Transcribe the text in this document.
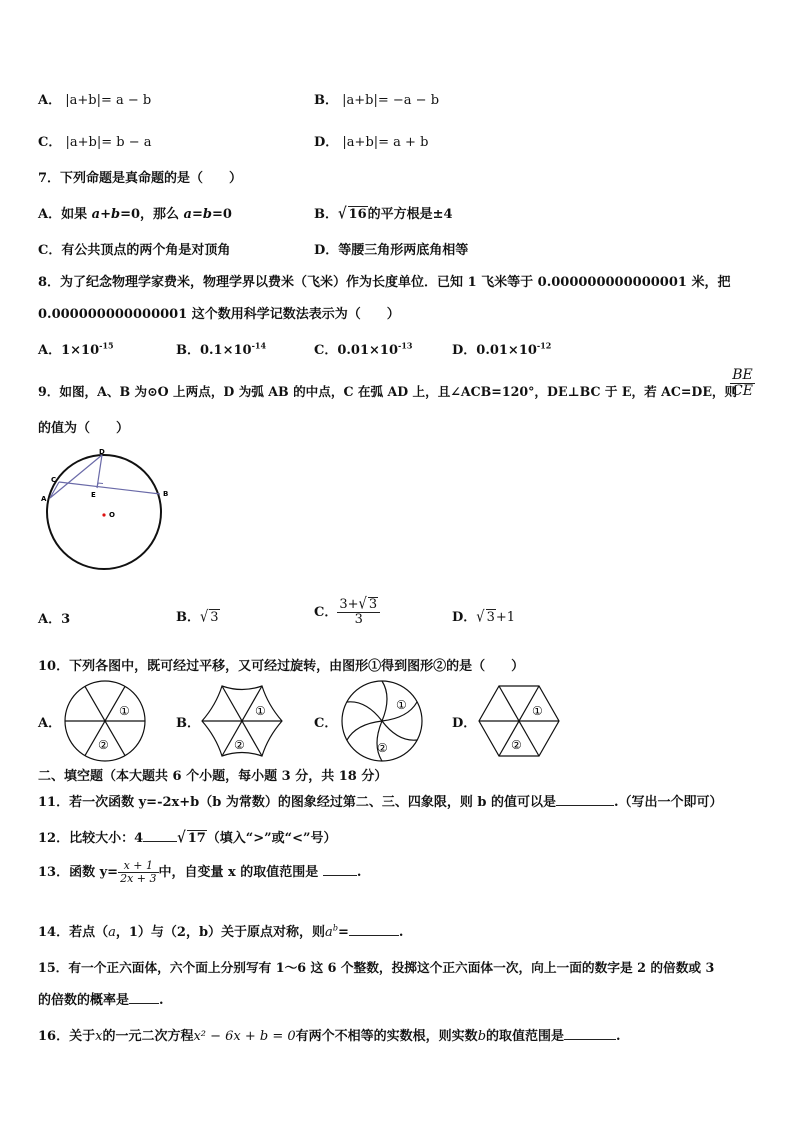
A． |a+b|= a − b	B． |a+b|= −a − b
C． |a+b|= b − a	D． |a+b|= a + b
7．下列命题是真命题的是（　　）
A．如果 a+b=0，那么 a=b=0	B．√ 16的平方根是±4
C．有公共顶点的两个角是对顶角	D．等腰三角形两底角相等
8．为了纪念物理学家费米，物理学界以费米（飞米）作为长度单位．已知 1 飞米等于 0.000000000000001 米，把
0.000000000000001 这个数用科学记数法表示为（　　）
A．$1\times 10^{-15}$	B．$0.1\times 10^{-14}$	C．$0.01\times 10^{-13}$	D．$0.01\times 10^{-12}$
9．如图，A、B 为⊙O 上两点，D 为弧 AB 的中点，C 在弧 AD 上，且∠ACB=120°，DE⊥BC 于 E，若 AC=DE，则
$\frac{BE}{CE}$
的值为（　　）
A
B
C
D
E
O
A．3	B．√ 3	C． $\frac{3+√ 3}{3}$	D．√ 3+1
10．下列各图中，既可经过平移，又可经过旋转，由图形①得到图形②的是（　　）
A．
①
②
B．
①
②
C．
①
②
D．
①
②
二、填空题（本大题共 6 个小题，每小题 3 分，共 18 分）
11．若一次函数 y=-2x+b（b 为常数）的图象经过第二、三、四象限，则 b 的值可以是	.（写出一个即可）
12．比较大小：4	√ 17（填入“>”或“<”号）
13．函数 $y= \frac{x + 1}{2x + 3}$ 中，自变量 x 的取值范围是	.
14．若点（a，1）与（2，b）关于原点对称，则$a^b=$	.
15．有一个正六面体，六个面上分别写有 1～6 这 6 个整数，投掷这个正六面体一次，向上一面的数字是 2 的倍数或 3
的倍数的概率是 .
16．关于x的一元二次方程x² − 6x + b = 0有两个不相等的实数根，则实数b的取值范围是	.
